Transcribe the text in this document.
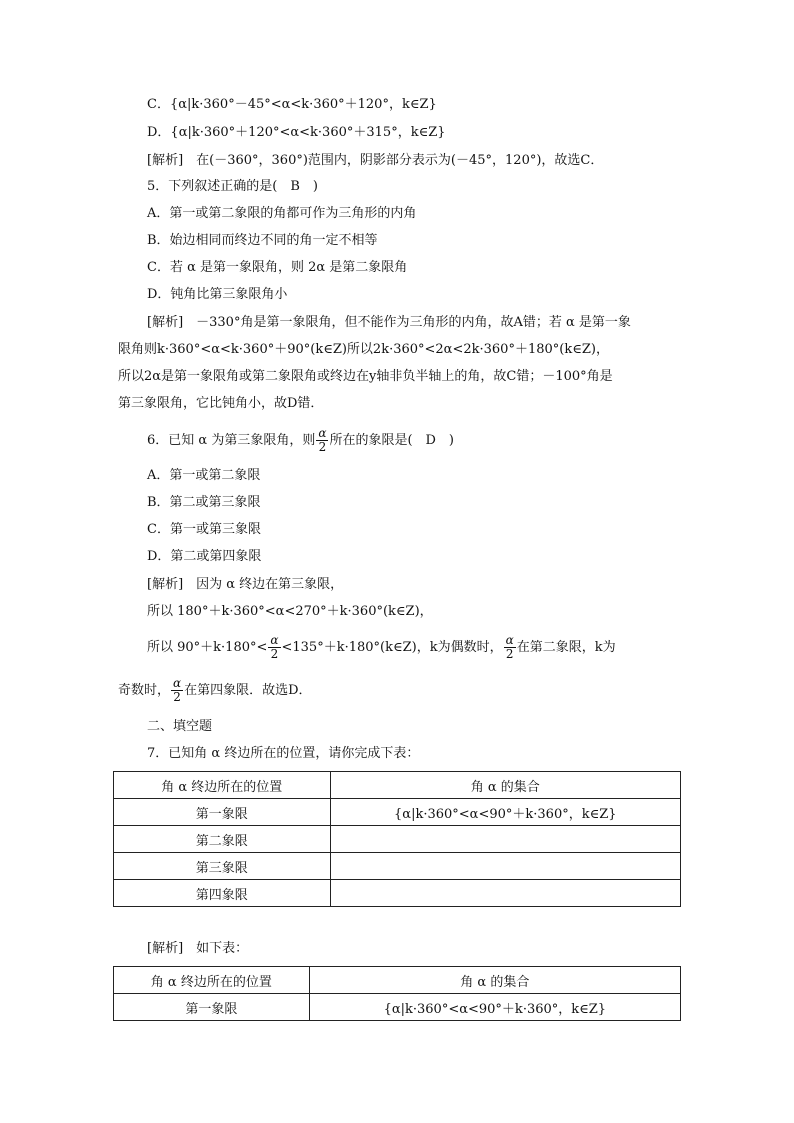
C．{α|k·360°－45°<α<k·360°＋120°，k∈Z}
D．{α|k·360°＋120°<α<k·360°＋315°，k∈Z}
[解析]　在(－360°，360°)范围内，阴影部分表示为(－45°，120°)，故选C．
5．下列叙述正确的是(　B　)
A．第一或第二象限的角都可作为三角形的内角
B．始边相同而终边不同的角一定不相等
C．若 α 是第一象限角，则 2α 是第二象限角
D．钝角比第三象限角小
[解析]　－330°角是第一象限角，但不能作为三角形的内角，故A错；若 α 是第一象
限角则k·360°<α<k·360°＋90°(k∈Z)所以2k·360°<2α<2k·360°＋180°(k∈Z)，
所以2α是第一象限角或第二象限角或终边在y轴非负半轴上的角，故C错；－100°角是
第三象限角，它比钝角小，故D错．
6．已知 α 为第三象限角，则 $\frac{\alpha}{2}$ 所在的象限是(　D　)
A．第一或第二象限
B．第二或第三象限
C．第一或第三象限
D．第二或第四象限
[解析]　因为 α 终边在第三象限，
所以 180°＋k·360°<α<270°＋k·360°(k∈Z)，
所以 $90^\circ+k\cdot 180^\circ< \frac{\alpha}{2}$ <135°＋k·180°(k∈Z)，k为偶数时， $\frac{\alpha}{2}$ 在第二象限，k为
奇数时， $\frac{\alpha}{2}$ 在第四象限．故选D．
二、填空题
7．已知角 α 终边所在的位置，请你完成下表：
角 α 终边所在的位置	角 α 的集合
第一象限	{α|k·360°<α<90°＋k·360°，k∈Z}
第二象限	
第三象限	
第四象限	
[解析]　如下表：
角 α 终边所在的位置	角 α 的集合
第一象限	{α|k·360°<α<90°＋k·360°，k∈Z}
